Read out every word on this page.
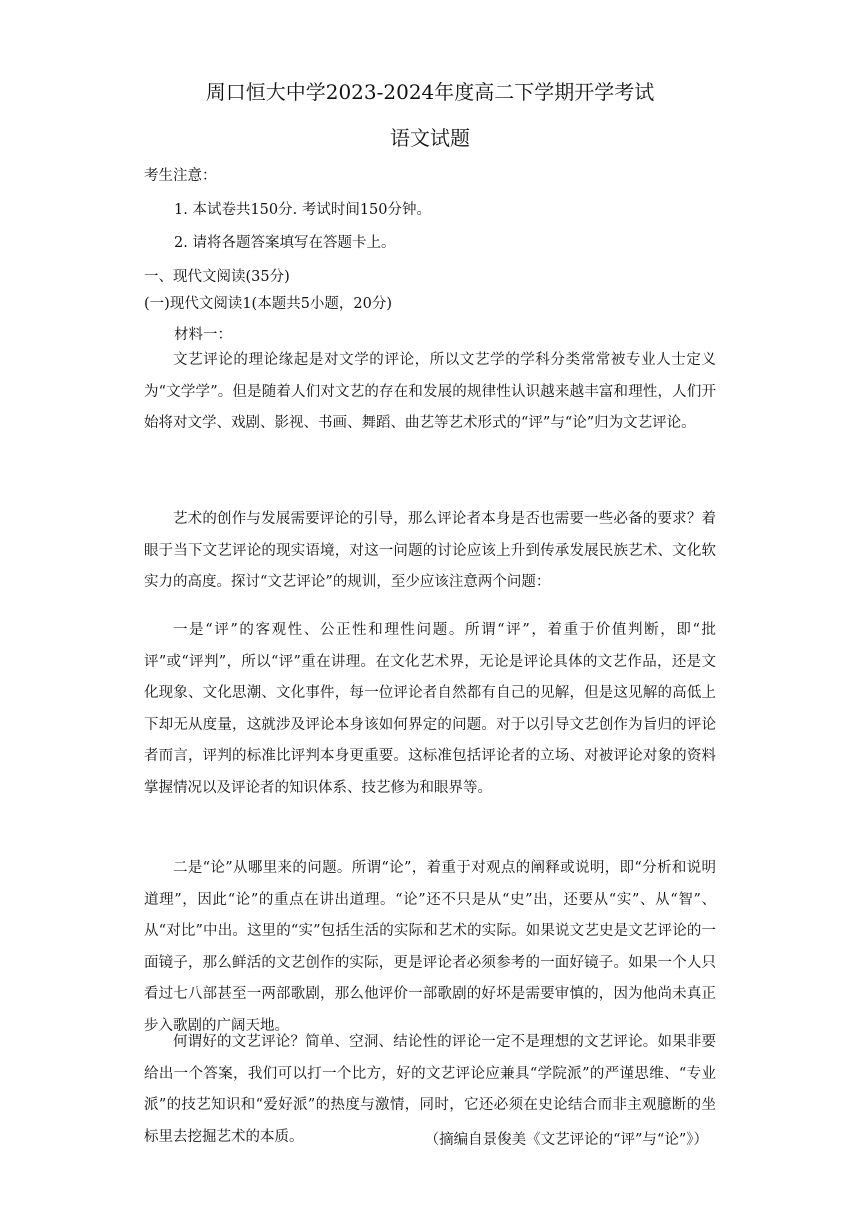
周口恒大中学2023-2024年度高二下学期开学考试
语文试题
考生注意：
1. 本试卷共150分. 考试时间150分钟。
2. 请将各题答案填写在答题卡上。
一、现代文阅读(35分)
(一)现代文阅读1(本题共5小题，20分)
材料一：

文艺评论的理论缘起是对文学的评论，所以文艺学的学科分类常常被专业人士定义为“文学学”。但是随着人们对文艺的存在和发展的规律性认识越来越丰富和理性，人们开始将对文学、戏剧、影视、书画、舞蹈、曲艺等艺术形式的“评”与“论”归为文艺评论。

艺术的创作与发展需要评论的引导，那么评论者本身是否也需要一些必备的要求？着眼于当下文艺评论的现实语境，对这一问题的讨论应该上升到传承发展民族艺术、文化软实力的高度。探讨“文艺评论”的规训，至少应该注意两个问题：

一是“评”的客观性、公正性和理性问题。所谓“评”，着重于价值判断，即“批评”或“评判”，所以“评”重在讲理。在文化艺术界，无论是评论具体的文艺作品，还是文化现象、文化思潮、文化事件，每一位评论者自然都有自己的见解，但是这见解的高低上下却无从度量，这就涉及评论本身该如何界定的问题。对于以引导文艺创作为旨归的评论者而言，评判的标准比评判本身更重要。这标准包括评论者的立场、对被评论对象的资料掌握情况以及评论者的知识体系、技艺修为和眼界等。

二是“论”从哪里来的问题。所谓“论”，着重于对观点的阐释或说明，即“分析和说明道理”，因此“论”的重点在讲出道理。“论”还不只是从“史”出，还要从“实”、从“智”、从“对比”中出。这里的“实”包括生活的实际和艺术的实际。如果说文艺史是文艺评论的一面镜子，那么鲜活的文艺创作的实际，更是评论者必须参考的一面好镜子。如果一个人只看过七八部甚至一两部歌剧，那么他评价一部歌剧的好坏是需要审慎的，因为他尚未真正步入歌剧的广阔天地。

何谓好的文艺评论？简单、空洞、结论性的评论一定不是理想的文艺评论。如果非要给出一个答案，我们可以打一个比方，好的文艺评论应兼具“学院派”的严谨思维、“专业派”的技艺知识和“爱好派”的热度与激情，同时，它还必须在史论结合而非主观臆断的坐标里去挖掘艺术的本质。	（摘编自景俊美《文艺评论的“评”与“论”》）
